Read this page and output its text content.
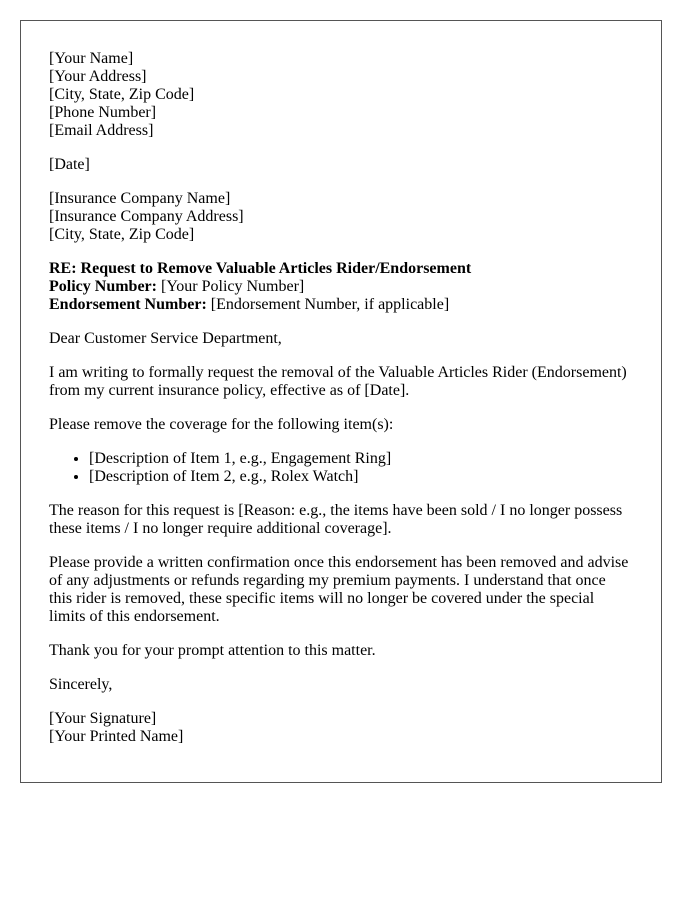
[Your Name]
[Your Address]
[City, State, Zip Code]
[Phone Number]
[Email Address]

[Date]

[Insurance Company Name]
[Insurance Company Address]
[City, State, Zip Code]

RE: Request to Remove Valuable Articles Rider/Endorsement
Policy Number: [Your Policy Number]
Endorsement Number: [Endorsement Number, if applicable]

Dear Customer Service Department,

I am writing to formally request the removal of the Valuable Articles Rider (Endorsement) from my current insurance policy, effective as of [Date].

Please remove the coverage for the following item(s):

• [Description of Item 1, e.g., Engagement Ring]
• [Description of Item 2, e.g., Rolex Watch]

The reason for this request is [Reason: e.g., the items have been sold / I no longer possess these items / I no longer require additional coverage].

Please provide a written confirmation once this endorsement has been removed and advise of any adjustments or refunds regarding my premium payments. I understand that once this rider is removed, these specific items will no longer be covered under the special limits of this endorsement.

Thank you for your prompt attention to this matter.

Sincerely,

[Your Signature]
[Your Printed Name]
